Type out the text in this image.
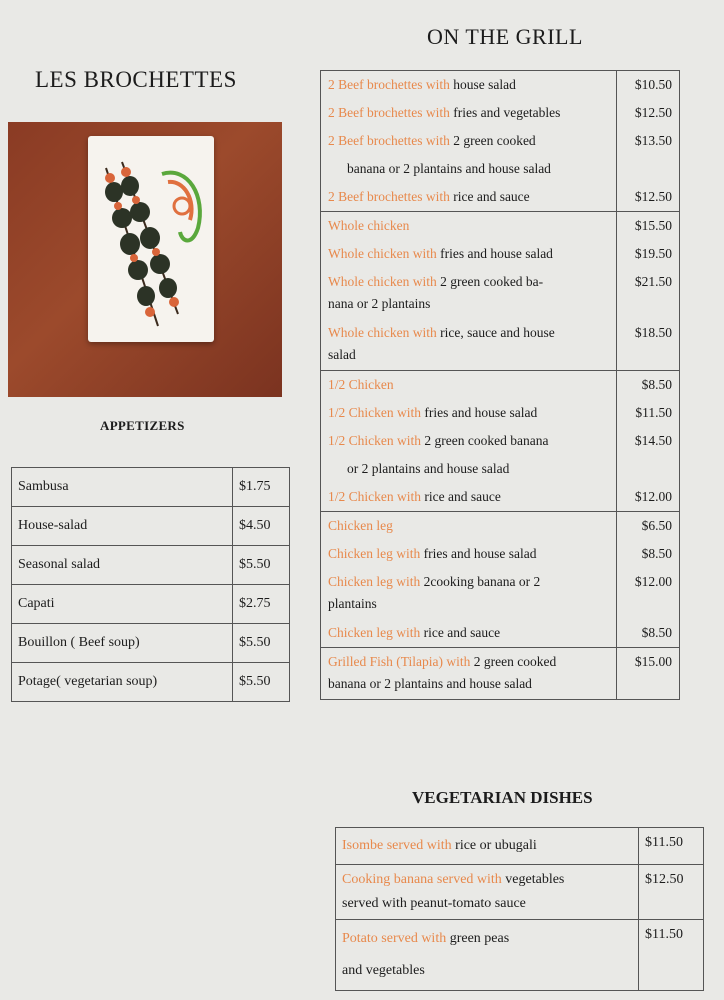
ON THE GRILL
LES BROCHETTES
APPETIZERS
Sambusa	$1.75
House-salad	$4.50
Seasonal salad	$5.50
Capati	$2.75
Bouillon ( Beef soup)	$5.50
Potage( vegetarian soup)	$5.50
2 Beef brochettes with house salad	$10.50
2 Beef brochettes with fries and vegetables	$12.50
2 Beef brochettes with 2 green cooked	$13.50
banana or 2 plantains and house salad	
2 Beef brochettes with rice and sauce	$12.50
Whole chicken	$15.50
Whole chicken with fries and house salad	$19.50
Whole chicken with 2 green cooked ba-
nana or 2 plantains	$21.50
Whole chicken with rice, sauce and house
salad	$18.50
1/2 Chicken	$8.50
1/2 Chicken with fries and house salad	$11.50
1/2 Chicken with 2 green cooked banana	$14.50
or 2 plantains and house salad	
1/2 Chicken with rice and sauce	$12.00
Chicken leg	$6.50
Chicken leg with fries and house salad	$8.50
Chicken leg with 2cooking banana or 2
plantains	$12.00
Chicken leg with rice and sauce	$8.50
Grilled Fish (Tilapia) with 2 green cooked
banana or 2 plantains and house salad	$15.00
VEGETARIAN DISHES
Isombe served with rice or ubugali	$11.50
Cooking banana served with vegetables
served with peanut-tomato sauce	$12.50
Potato served with green peas
and vegetables	$11.50
